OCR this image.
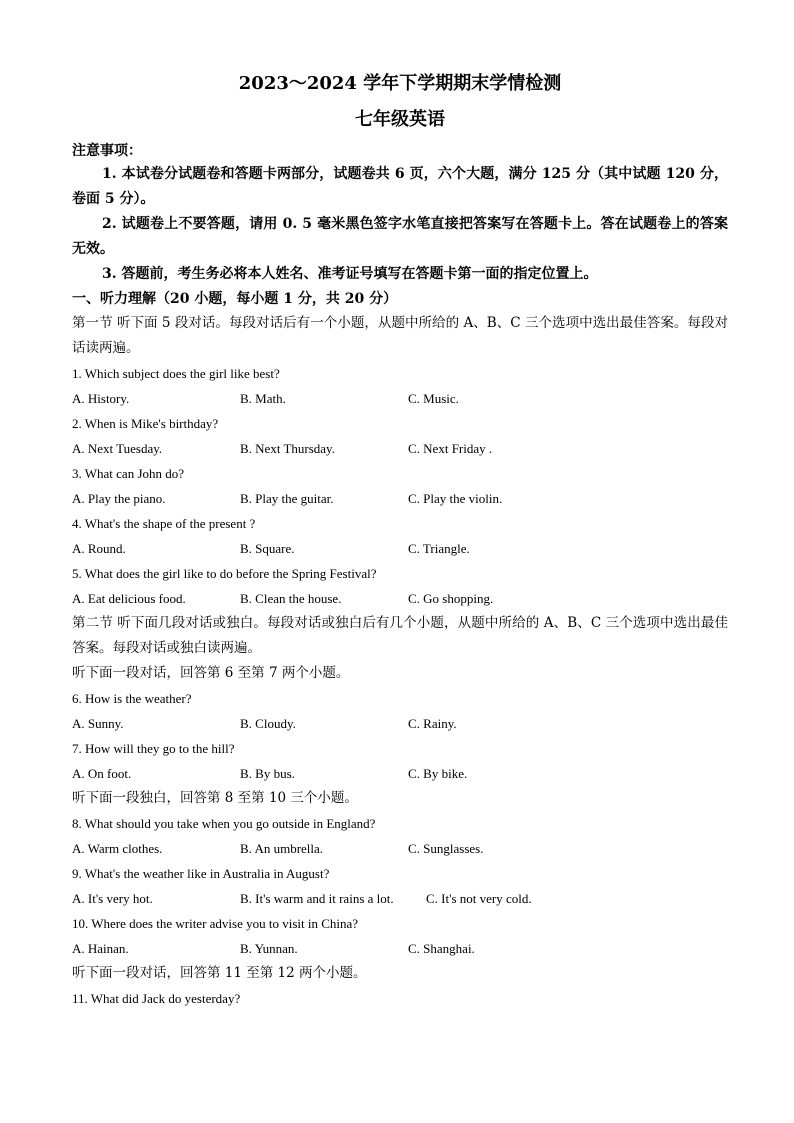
2023～2024 学年下学期期末学情检测
七年级英语
注意事项：
1. 本试卷分试题卷和答题卡两部分，试题卷共 6 页，六个大题，满分 125 分（其中试题 120 分，卷面 5 分）。
2. 试题卷上不要答题，请用 0. 5 毫米黑色签字水笔直接把答案写在答题卡上。答在试题卷上的答案无效。
3. 答题前，考生务必将本人姓名、准考证号填写在答题卡第一面的指定位置上。
一、听力理解（20 小题，每小题 1 分，共 20 分）
第一节 听下面 5 段对话。每段对话后有一个小题，从题中所给的 A、B、C 三个选项中选出最佳答案。每段对话读两遍。
1. Which subject does the girl like best?
A. History.	B. Math.	C. Music.
2. When is Mike's birthday?
A. Next Tuesday.	B. Next Thursday.	C. Next Friday .
3. What can John do?
A. Play the piano.	B. Play the guitar.	C. Play the violin.
4. What's the shape of the present ?
A. Round.	B. Square.	C. Triangle.
5. What does the girl like to do before the Spring Festival?
A. Eat delicious food.	B. Clean the house.	C. Go shopping.
第二节 听下面几段对话或独白。每段对话或独白后有几个小题，从题中所给的 A、B、C 三个选项中选出最佳答案。每段对话或独白读两遍。
听下面一段对话，回答第 6 至第 7 两个小题。
6. How is the weather?
A. Sunny.	B. Cloudy.	C. Rainy.
7. How will they go to the hill?
A. On foot.	B. By bus.	C. By bike.
听下面一段独白，回答第 8 至第 10 三个小题。
8. What should you take when you go outside in England?
A. Warm clothes.	B. An umbrella.	C. Sunglasses.
9. What's the weather like in Australia in August?
A. It's very hot.	B. It's warm and it rains a lot. C. It's not very cold.
10. Where does the writer advise you to visit in China?
A. Hainan.	B. Yunnan.	C. Shanghai.
听下面一段对话，回答第 11 至第 12 两个小题。
11. What did Jack do yesterday?
